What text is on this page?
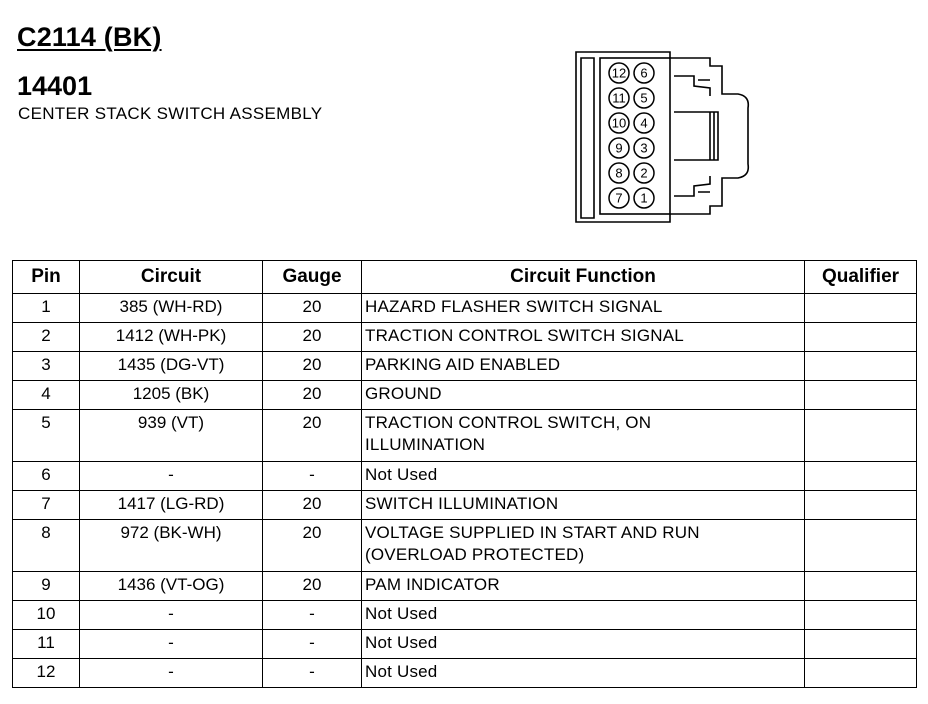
C2114 (BK)
14401
CENTER STACK SWITCH ASSEMBLY
12
11
10
9
8
7
6
5
4
3
2
1
Pin	Circuit	Gauge	Circuit Function	Qualifier
1	385 (WH-RD)	20	HAZARD FLASHER SWITCH SIGNAL	
2	1412 (WH-PK)	20	TRACTION CONTROL SWITCH SIGNAL	
3	1435 (DG-VT)	20	PARKING AID ENABLED	
4	1205 (BK)	20	GROUND	
5	939 (VT)	20	TRACTION CONTROL SWITCH, ON
ILLUMINATION	
6	-	-	Not Used	
7	1417 (LG-RD)	20	SWITCH ILLUMINATION	
8	972 (BK-WH)	20	VOLTAGE SUPPLIED IN START AND RUN
(OVERLOAD PROTECTED)	
9	1436 (VT-OG)	20	PAM INDICATOR	
10	-	-	Not Used	
11	-	-	Not Used	
12	-	-	Not Used	
